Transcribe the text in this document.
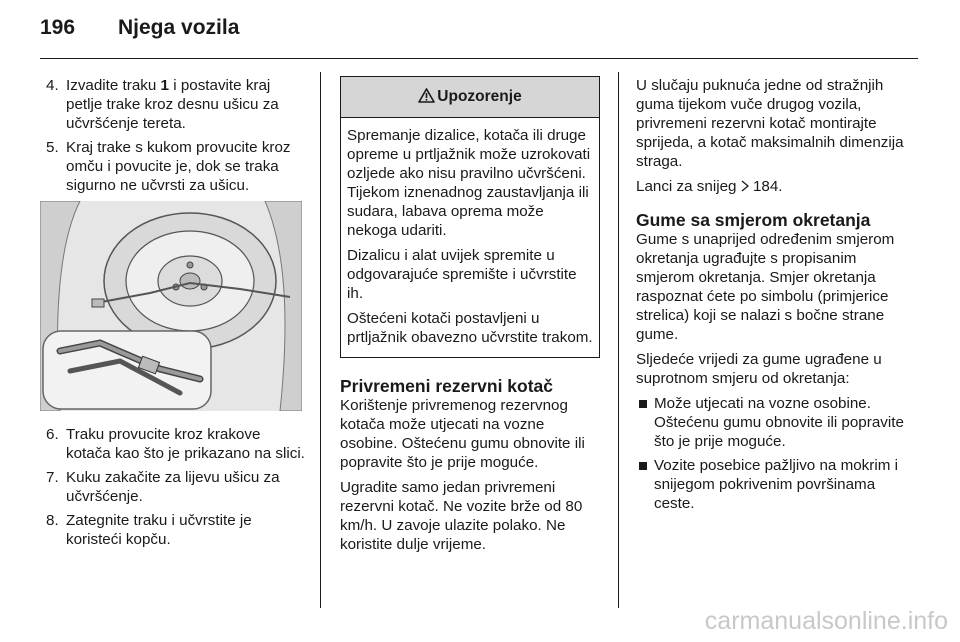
196 Njega vozila
4. Izvadite traku 1 i postavite kraj petlje trake kroz desnu ušicu za učvršćenje tereta.
5. Kraj trake s kukom provucite kroz omču i povucite je, dok se traka sigurno ne učvrsti za ušicu.
6. Traku provucite kroz krakove kotača kao što je prikazano na slici.
7. Kuku zakačite za lijevu ušicu za učvršćenje.
8. Zategnite traku i učvrstite je koristeći kopču.
Upozorenje

Spremanje dizalice, kotača ili druge opreme u prtljažnik može uzrokovati ozljede ako nisu pravilno učvršćeni. Tijekom iznenadnog zaustavljanja ili sudara, labava oprema može nekoga udariti.

Dizalicu i alat uvijek spremite u odgovarajuće spremište i učvrstite ih.

Oštećeni kotači postavljeni u prtljažnik obavezno učvrstite trakom.

Privremeni rezervni kotač

Korištenje privremenog rezervnog kotača može utjecati na vozne osobine. Oštećenu gumu obnovite ili popravite što je prije moguće.

Ugradite samo jedan privremeni rezervni kotač. Ne vozite brže od 80 km/h. U zavoje ulazite polako. Ne koristite dulje vrijeme.

U slučaju puknuća jedne od stražnjih guma tijekom vuče drugog vozila, privremeni rezervni kotač montirajte sprijeda, a kotač maksimalnih dimenzija straga.

Lanci za snijeg 184.

Gume sa smjerom okretanja

Gume s unaprijed određenim smjerom okretanja ugrađujte s propisanim smjerom okretanja. Smjer okretanja raspoznat ćete po simbolu (primjerice strelica) koji se nalazi s bočne strane gume.

Sljedeće vrijedi za gume ugrađene u suprotnom smjeru od okretanja:

Može utjecati na vozne osobine. Oštećenu gumu obnovite ili popravite što je prije moguće.
Vozite posebice pažljivo na mokrim i snijegom pokrivenim površinama ceste.
carmanualsonline.info
